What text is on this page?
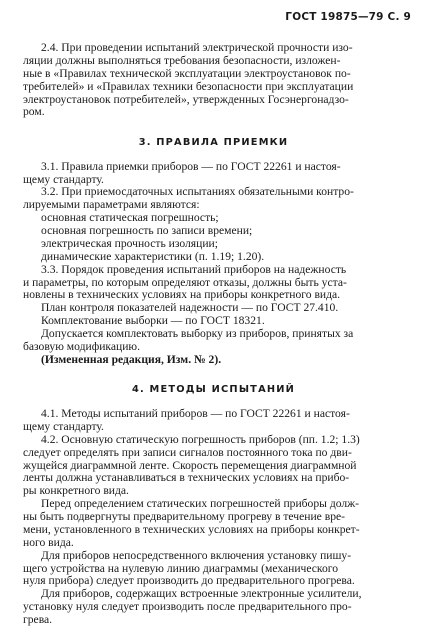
ГОСТ 19875—79 С. 9
2.4. При проведении испытаний электрической прочности изо-
ляции должны выполняться требования безопасности, изложен-
ные в «Правилах технической эксплуатации электроустановок по-
требителей» и «Правилах техники безопасности при эксплуатации
электроустановок потребителей», утвержденных Госэнергонадзо-
ром.
3. ПРАВИЛА ПРИЕМКИ
3.1. Правила приемки приборов — по ГОСТ 22261 и настоя-
щему стандарту.
3.2. При приемосдаточных испытаниях обязательными контро-
лируемыми параметрами являются:
основная статическая погрешность;
основная погрешность по записи времени;
электрическая прочность изоляции;
динамические характеристики (п. 1.19; 1.20).
3.3. Порядок проведения испытаний приборов на надежность
и параметры, по которым определяют отказы, должны быть уста-
новлены в технических условиях на приборы конкретного вида.
План контроля показателей надежности — по ГОСТ 27.410.
Комплектование выборки — по ГОСТ 18321.
Допускается комплектовать выборку из приборов, принятых за
базовую модификацию.
(Измененная редакция, Изм. № 2).
4. МЕТОДЫ ИСПЫТАНИЙ
4.1. Методы испытаний приборов — по ГОСТ 22261 и настоя-
щему стандарту.
4.2. Основную статическую погрешность приборов (пп. 1.2; 1.3)
следует определять при записи сигналов постоянного тока по дви-
жущейся диаграммной ленте. Скорость перемещения диаграммной
ленты должна устанавливаться в технических условиях на прибо-
ры конкретного вида.
Перед определением статических погрешностей приборы долж-
ны быть подвергнуты предварительному прогреву в течение вре-
мени, установленного в технических условиях на приборы конкрет-
ного вида.
Для приборов непосредственного включения установку пишу-
щего устройства на нулевую линию диаграммы (механического
нуля прибора) следует производить до предварительного прогрева.
Для приборов, содержащих встроенные электронные усилители,
установку нуля следует производить после предварительного про-
грева.
